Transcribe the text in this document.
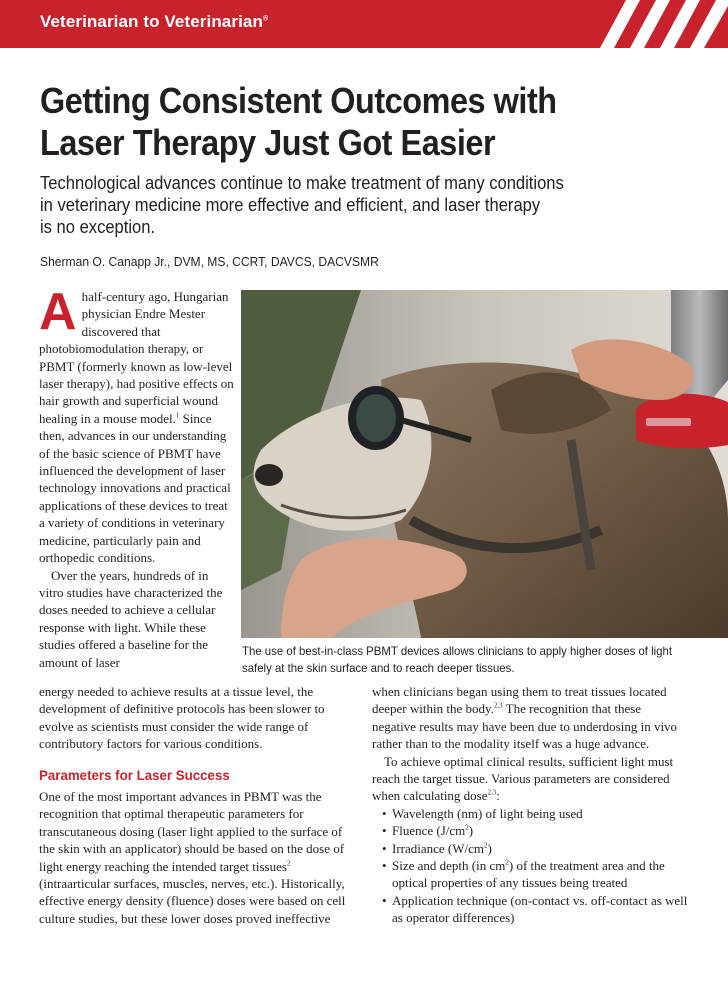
Veterinarian to Veterinarian®
Getting Consistent Outcomes with
Laser Therapy Just Got Easier

Technological advances continue to make treatment of many conditions
in veterinary medicine more effective and efficient, and laser therapy
is no exception.

Sherman O. Canapp Jr., DVM, MS, CCRT, DAVCS, DACVSMR

Ahalf-century ago, Hungarian physician Endre Mester discovered that photobiomodulation therapy, or PBMT (formerly known as low-level laser therapy), had positive effects on hair growth and superficial wound healing in a mouse model.$^1$ Since then, advances in our understanding of the basic science of PBMT have influenced the development of laser technology innovations and practical applications of these devices to treat a variety of conditions in veterinary medicine, particularly pain and orthopedic conditions.

Over the years, hundreds of in vitro studies have characterized the doses needed to achieve a cellular response with light. While these studies offered a baseline for the amount of laser

The use of best-in-class PBMT devices allows clinicians to apply higher doses of light safely at the skin surface and to reach deeper tissues.

energy needed to achieve results at a tissue level, the development of definitive protocols has been slower to evolve as scientists must consider the wide range of contributory factors for various conditions.

Parameters for Laser Success

One of the most important advances in PBMT was the recognition that optimal therapeutic parameters for transcutaneous dosing (laser light applied to the surface of the skin with an applicator) should be based on the dose of light energy reaching the intended target tissues$^2$ (intraarticular surfaces, muscles, nerves, etc.). Historically, effective energy density (fluence) doses were based on cell culture studies, but these lower doses proved ineffective

when clinicians began using them to treat tissues located deeper within the body.$^{2,3}$ The recognition that these negative results may have been due to underdosing in vivo rather than to the modality itself was a huge advance.

To achieve optimal clinical results, sufficient light must reach the target tissue. Various parameters are considered when calculating dose$^{2,3}$:

• Wavelength (nm) of light being used
• Fluence $(J/cm^2)$
• Irradiance $(W/cm^2)$
• Size and depth (in $cm^2$) of the treatment area and the optical properties of any tissues being treated
• Application technique (on-contact vs. off-contact as well as operator differences)
